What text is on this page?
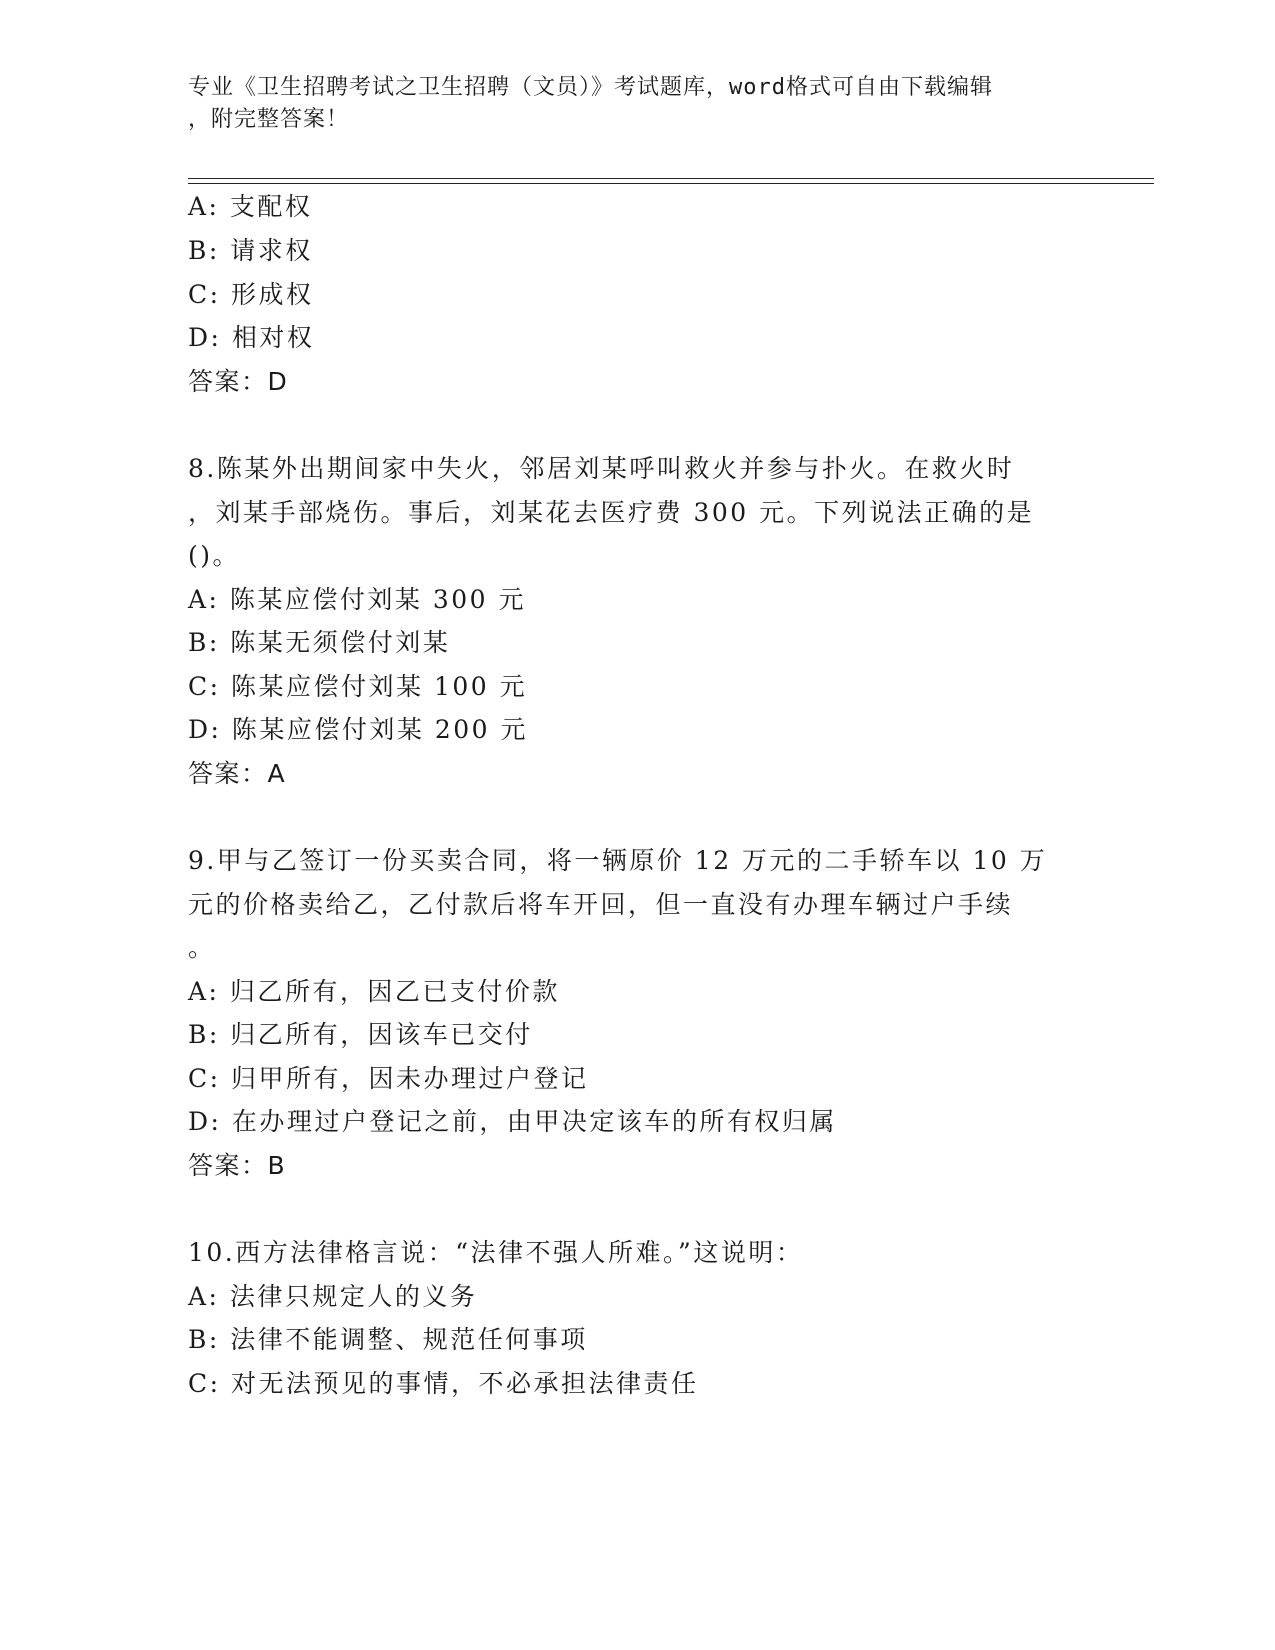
专业《卫生招聘考试之卫生招聘（文员）》考试题库，word格式可自由下载编辑
，附完整答案！
A: 支配权
B: 请求权
C: 形成权
D: 相对权
答案：D
8.陈某外出期间家中失火，邻居刘某呼叫救火并参与扑火。在救火时
，刘某手部烧伤。事后，刘某花去医疗费 300 元。下列说法正确的是
()。
A: 陈某应偿付刘某 300 元
B: 陈某无须偿付刘某
C: 陈某应偿付刘某 100 元
D: 陈某应偿付刘某 200 元
答案：A
9.甲与乙签订一份买卖合同，将一辆原价 12 万元的二手轿车以 10 万
元的价格卖给乙，乙付款后将车开回，但一直没有办理车辆过户手续
。
A: 归乙所有，因乙已支付价款
B: 归乙所有，因该车已交付
C: 归甲所有，因未办理过户登记
D: 在办理过户登记之前，由甲决定该车的所有权归属
答案：B
10.西方法律格言说：“法律不强人所难。”这说明：
A: 法律只规定人的义务
B: 法律不能调整、规范任何事项
C: 对无法预见的事情，不必承担法律责任
